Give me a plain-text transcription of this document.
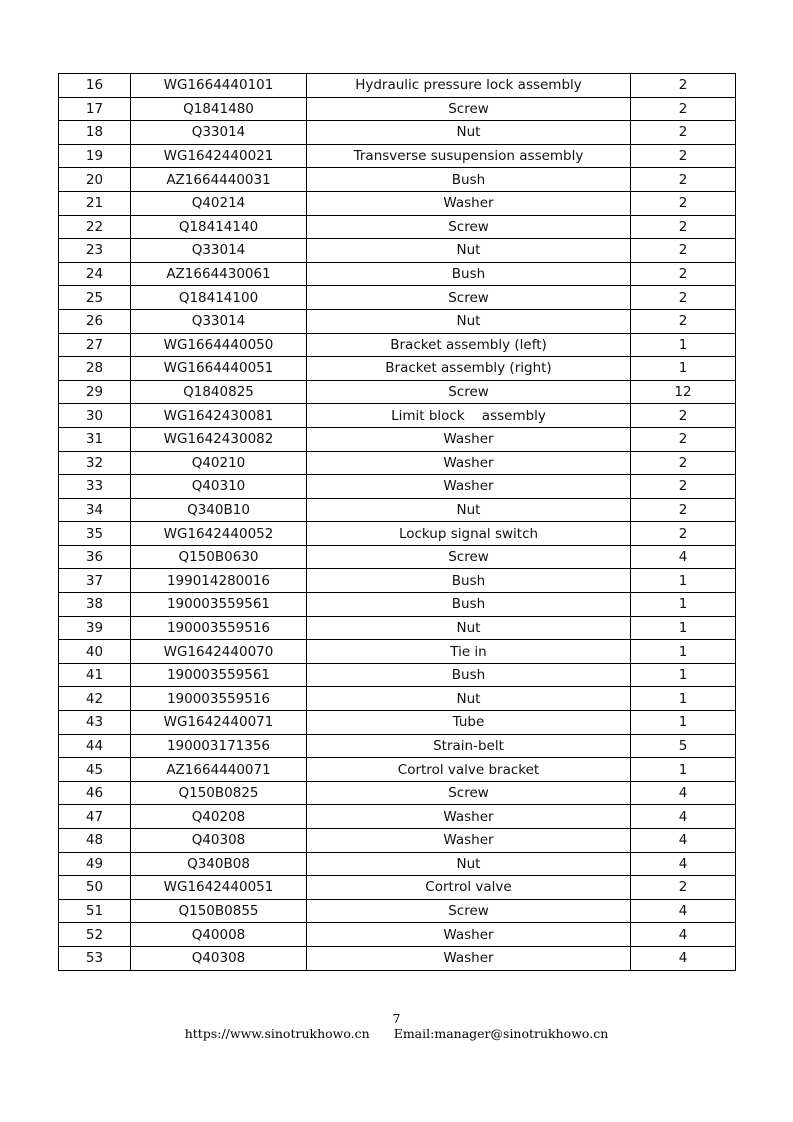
16	WG1664440101	Hydraulic pressure lock assembly	2
17	Q1841480	Screw	2
18	Q33014	Nut	2
19	WG1642440021	Transverse susupension assembly	2
20	AZ1664440031	Bush	2
21	Q40214	Washer	2
22	Q18414140	Screw	2
23	Q33014	Nut	2
24	AZ1664430061	Bush	2
25	Q18414100	Screw	2
26	Q33014	Nut	2
27	WG1664440050	Bracket assembly (left)	1
28	WG1664440051	Bracket assembly (right)	1
29	Q1840825	Screw	12
30	WG1642430081	Limit block    assembly	2
31	WG1642430082	Washer	2
32	Q40210	Washer	2
33	Q40310	Washer	2
34	Q340B10	Nut	2
35	WG1642440052	Lockup signal switch	2
36	Q150B0630	Screw	4
37	199014280016	Bush	1
38	190003559561	Bush	1
39	190003559516	Nut	1
40	WG1642440070	Tie in	1
41	190003559561	Bush	1
42	190003559516	Nut	1
43	WG1642440071	Tube	1
44	190003171356	Strain-belt	5
45	AZ1664440071	Cortrol valve bracket	1
46	Q150B0825	Screw	4
47	Q40208	Washer	4
48	Q40308	Washer	4
49	Q340B08	Nut	4
50	WG1642440051	Cortrol valve	2
51	Q150B0855	Screw	4
52	Q40008	Washer	4
53	Q40308	Washer	4
7
https://www.sinotrukhowo.cn Email:manager@sinotrukhowo.cn
